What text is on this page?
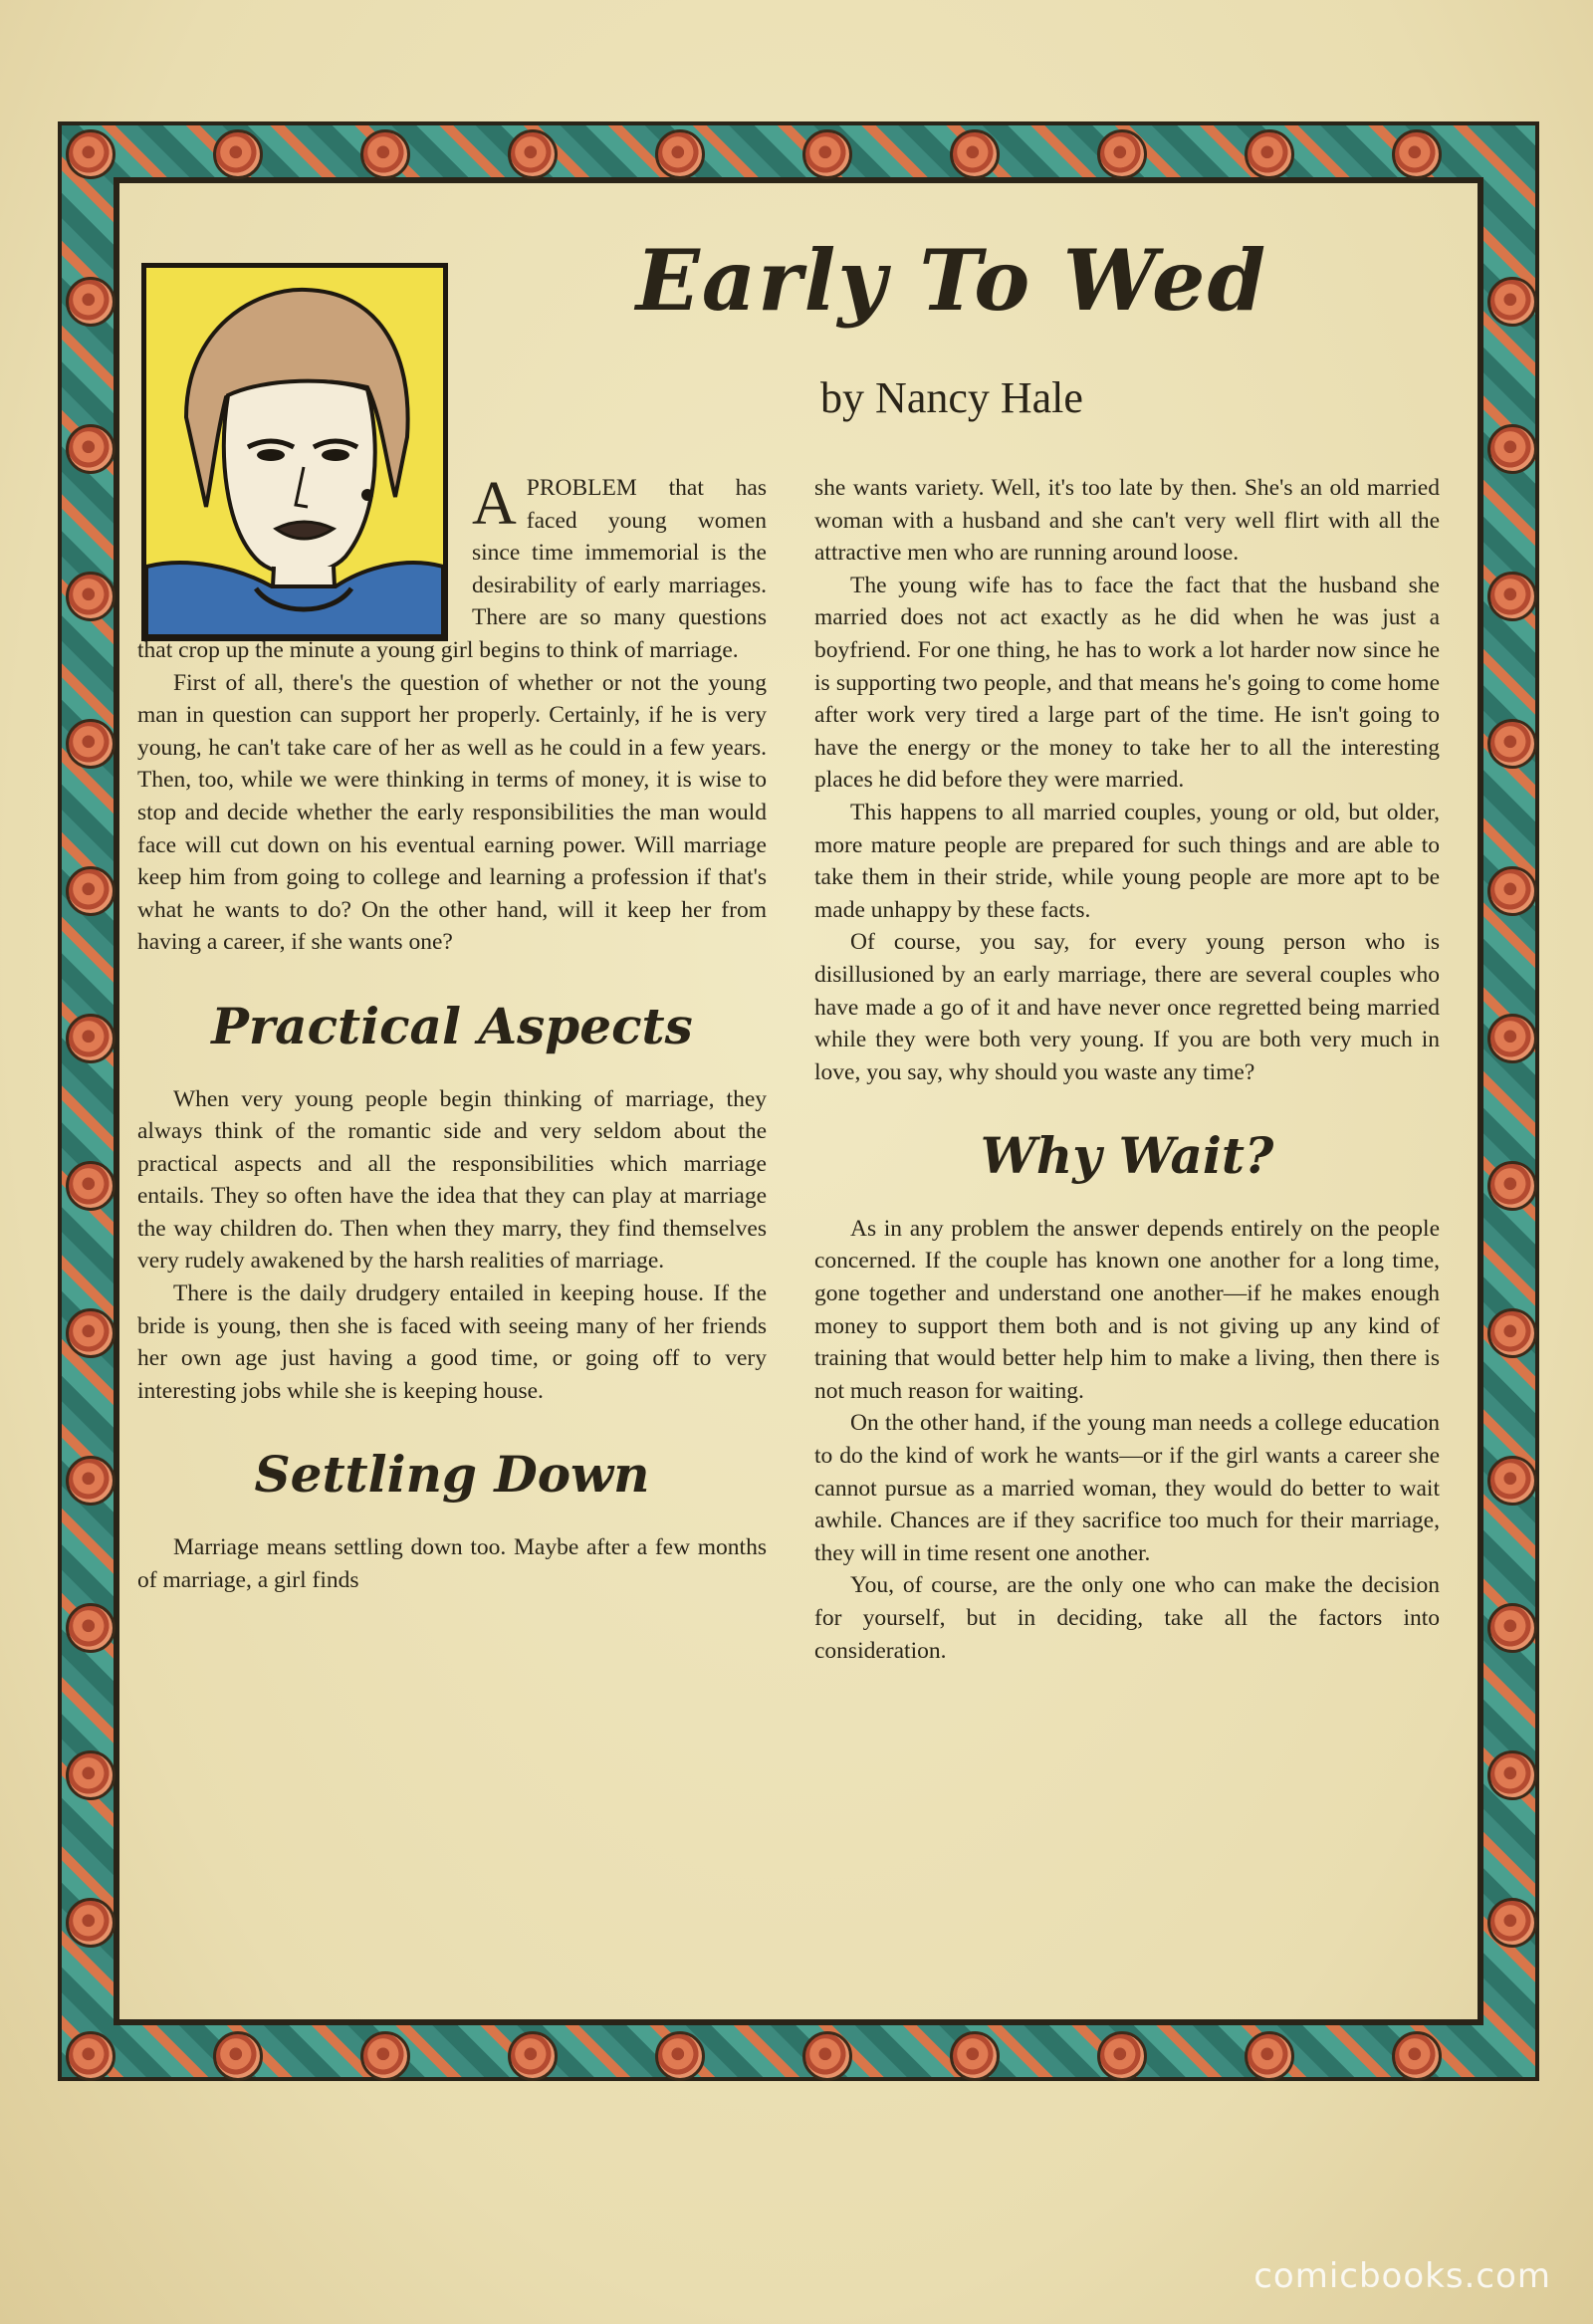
Early To Wed
by Nancy Hale

APROBLEM that has faced young women since time immemorial is the desirability of early marriages. There are so many questions that crop up the minute a young girl begins to think of marriage.

First of all, there's the question of whether or not the young man in question can support her properly. Certainly, if he is very young, he can't take care of her as well as he could in a few years. Then, too, while we were thinking in terms of money, it is wise to stop and decide whether the early responsibilities the man would face will cut down on his eventual earning power. Will marriage keep him from going to college and learning a profession if that's what he wants to do? On the other hand, will it keep her from having a career, if she wants one?

Practical Aspects

When very young people begin thinking of marriage, they always think of the romantic side and very seldom about the practical aspects and all the responsibilities which marriage entails. They so often have the idea that they can play at marriage the way children do. Then when they marry, they find themselves very rudely awakened by the harsh realities of marriage.

There is the daily drudgery entailed in keeping house. If the bride is young, then she is faced with seeing many of her friends her own age just having a good time, or going off to very interesting jobs while she is keeping house.

Settling Down

Marriage means settling down too. Maybe after a few months of marriage, a girl finds

she wants variety. Well, it's too late by then. She's an old married woman with a husband and she can't very well flirt with all the attractive men who are running around loose.

The young wife has to face the fact that the husband she married does not act exactly as he did when he was just a boyfriend. For one thing, he has to work a lot harder now since he is supporting two people, and that means he's going to come home after work very tired a large part of the time. He isn't going to have the energy or the money to take her to all the interesting places he did before they were married.

This happens to all married couples, young or old, but older, more mature people are prepared for such things and are able to take them in their stride, while young people are more apt to be made unhappy by these facts.

Of course, you say, for every young person who is disillusioned by an early marriage, there are several couples who have made a go of it and have never once regretted being married while they were both very young. If you are both very much in love, you say, why should you waste any time?

Why Wait?

As in any problem the answer depends entirely on the people concerned. If the couple has known one another for a long time, gone together and understand one another—if he makes enough money to support them both and is not giving up any kind of training that would better help him to make a living, then there is not much reason for waiting.

On the other hand, if the young man needs a college education to do the kind of work he wants—or if the girl wants a career she cannot pursue as a married woman, they would do better to wait awhile. Chances are if they sacrifice too much for their marriage, they will in time resent one another.

You, of course, are the only one who can make the decision for yourself, but in deciding, take all the factors into consideration.

comicbooks.com
